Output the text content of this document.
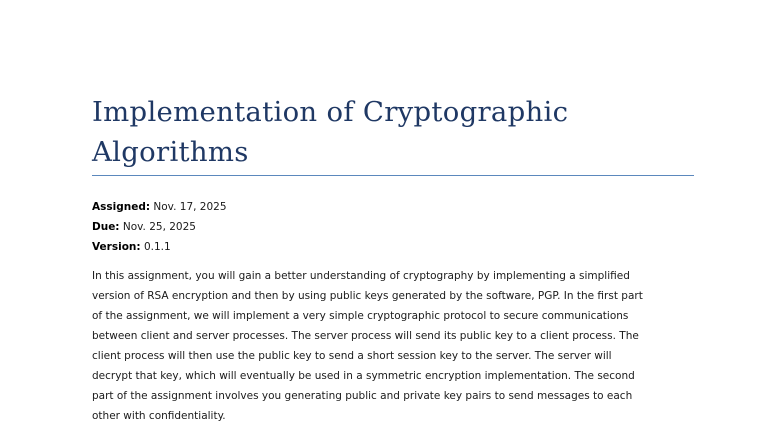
Implementation of Cryptographic
Algorithms
Assigned: Nov. 17, 2025
Due: Nov. 25, 2025
Version: 0.1.1

In this assignment, you will gain a better understanding of cryptography by implementing a simplified
version of RSA encryption and then by using public keys generated by the software, PGP. In the first part
of the assignment, we will implement a very simple cryptographic protocol to secure communications
between client and server processes. The server process will send its public key to a client process. The
client process will then use the public key to send a short session key to the server. The server will
decrypt that key, which will eventually be used in a symmetric encryption implementation. The second
part of the assignment involves you generating public and private key pairs to send messages to each
other with confidentiality.
